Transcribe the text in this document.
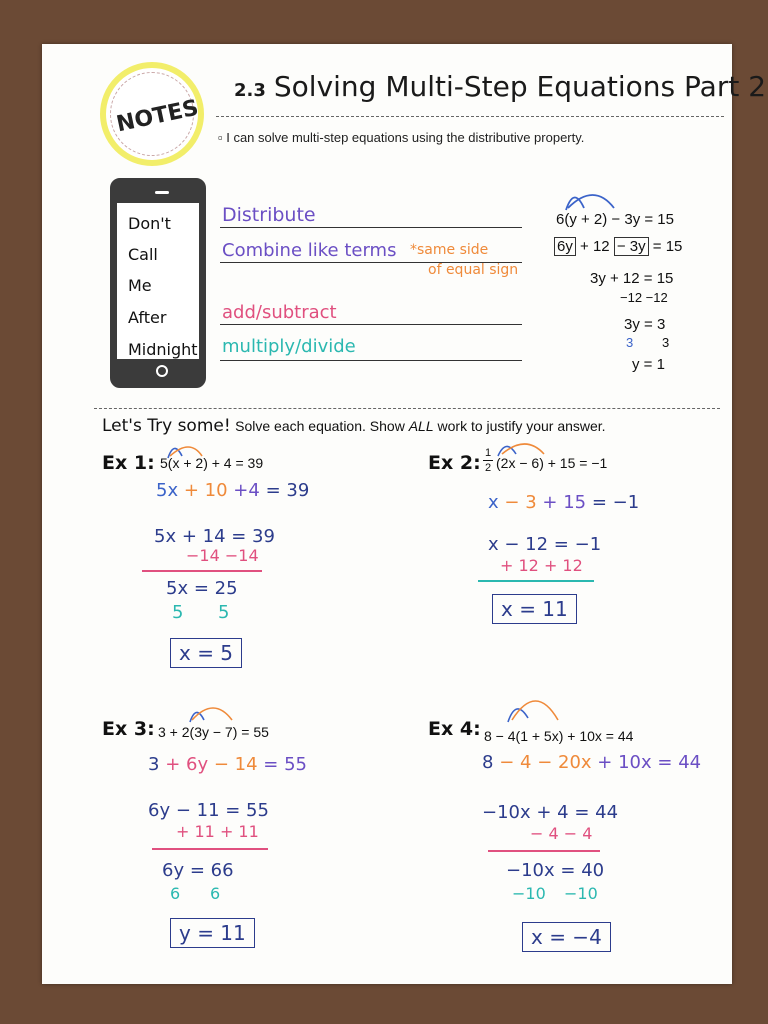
NOTES
2.3 Solving Multi-Step Equations Part 2
▫ I can solve multi-step equations using the distributive property.
Don't
Call
Me
After
Midnight
Distribute
Combine like terms *same side
of equal sign
add/subtract
multiply/divide
6(y + 2) − 3y = 15
6y + 12 − 3y = 15
3y + 12 = 15
−12 −12
3y = 3
3 3
y = 1
Let's Try some! Solve each equation. Show ALL work to justify your answer.
Ex 1: 5(x + 2) + 4 = 39
5x + 10 +4 = 39
5x + 14 = 39
−14 −14
5x = 25
5 5
x = 5
Ex 2: 1
2 (2x − 6) + 15 = −1
x − 3 + 15 = −1
x − 12 = −1
+ 12 + 12
x = 11
Ex 3: 3 + 2(3y − 7) = 55
3 + 6y − 14 = 55
6y − 11 = 55
+ 11 + 11
6y = 66
6 6
y = 11
Ex 4: 8 − 4(1 + 5x) + 10x = 44
8 − 4 − 20x + 10x = 44
−10x + 4 = 44
− 4 − 4
−10x = 40
−10 −10
x = −4
